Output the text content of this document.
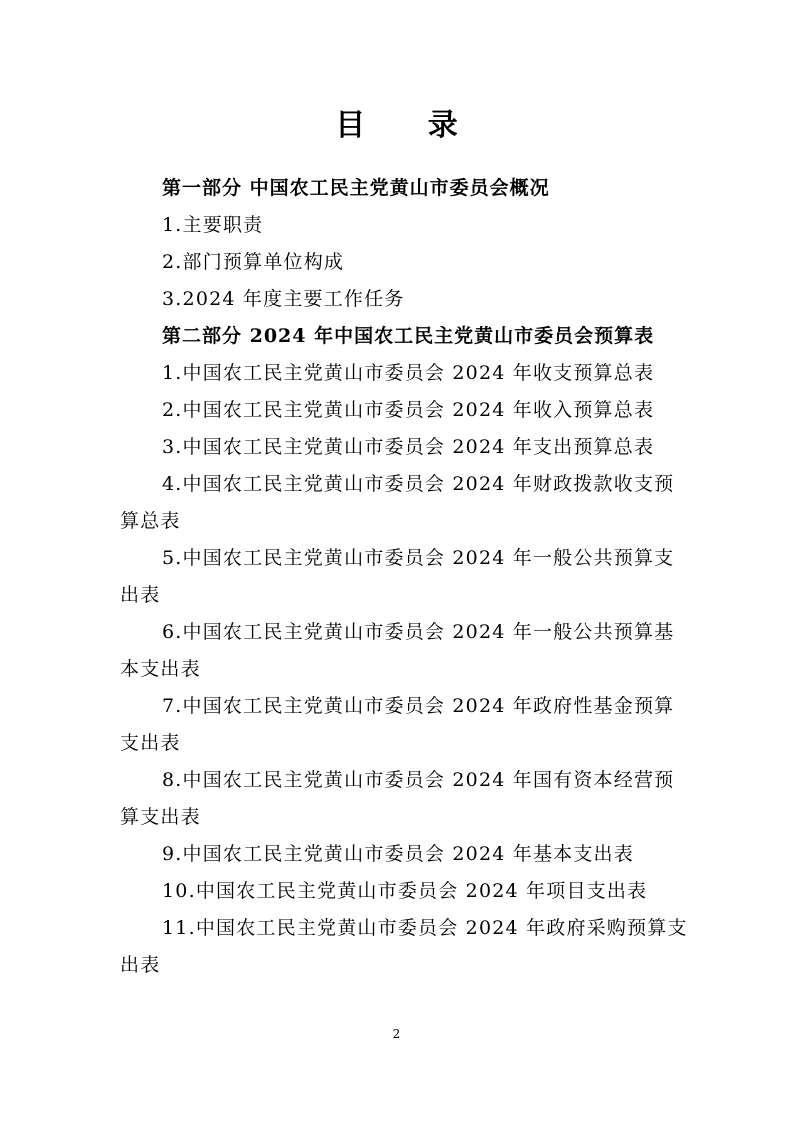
目 录
第一部分 中国农工民主党黄山市委员会概况
1.主要职责
2.部门预算单位构成
3.2024 年度主要工作任务
第二部分 2024 年中国农工民主党黄山市委员会预算表
1.中国农工民主党黄山市委员会 2024 年收支预算总表
2.中国农工民主党黄山市委员会 2024 年收入预算总表
3.中国农工民主党黄山市委员会 2024 年支出预算总表
4.中国农工民主党黄山市委员会 2024 年财政拨款收支预
算总表
5.中国农工民主党黄山市委员会 2024 年一般公共预算支
出表
6.中国农工民主党黄山市委员会 2024 年一般公共预算基
本支出表
7.中国农工民主党黄山市委员会 2024 年政府性基金预算
支出表
8.中国农工民主党黄山市委员会 2024 年国有资本经营预
算支出表
9.中国农工民主党黄山市委员会 2024 年基本支出表
10.中国农工民主党黄山市委员会 2024 年项目支出表
11.中国农工民主党黄山市委员会 2024 年政府采购预算支
出表
2
